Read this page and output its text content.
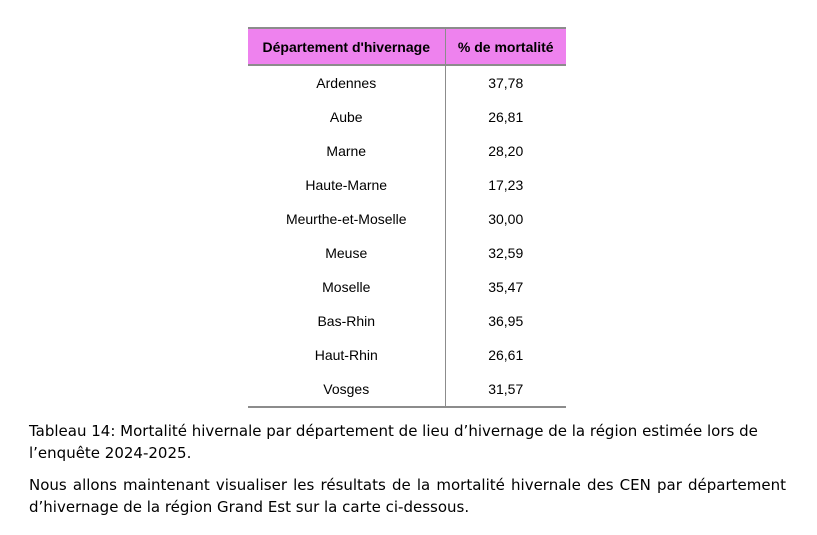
Département d'hivernage	% de mortalité
Ardennes	37,78
Aube	26,81
Marne	28,20
Haute-Marne	17,23
Meurthe-et-Moselle	30,00
Meuse	32,59
Moselle	35,47
Bas-Rhin	36,95
Haut-Rhin	26,61
Vosges	31,57

Tableau 14: Mortalité hivernale par département de lieu d’hivernage de la région estimée lors de l’enquête 2024-2025.

Nous allons maintenant visualiser les résultats de la mortalité hivernale des CEN par département d’hivernage de la région Grand Est sur la carte ci-dessous.
